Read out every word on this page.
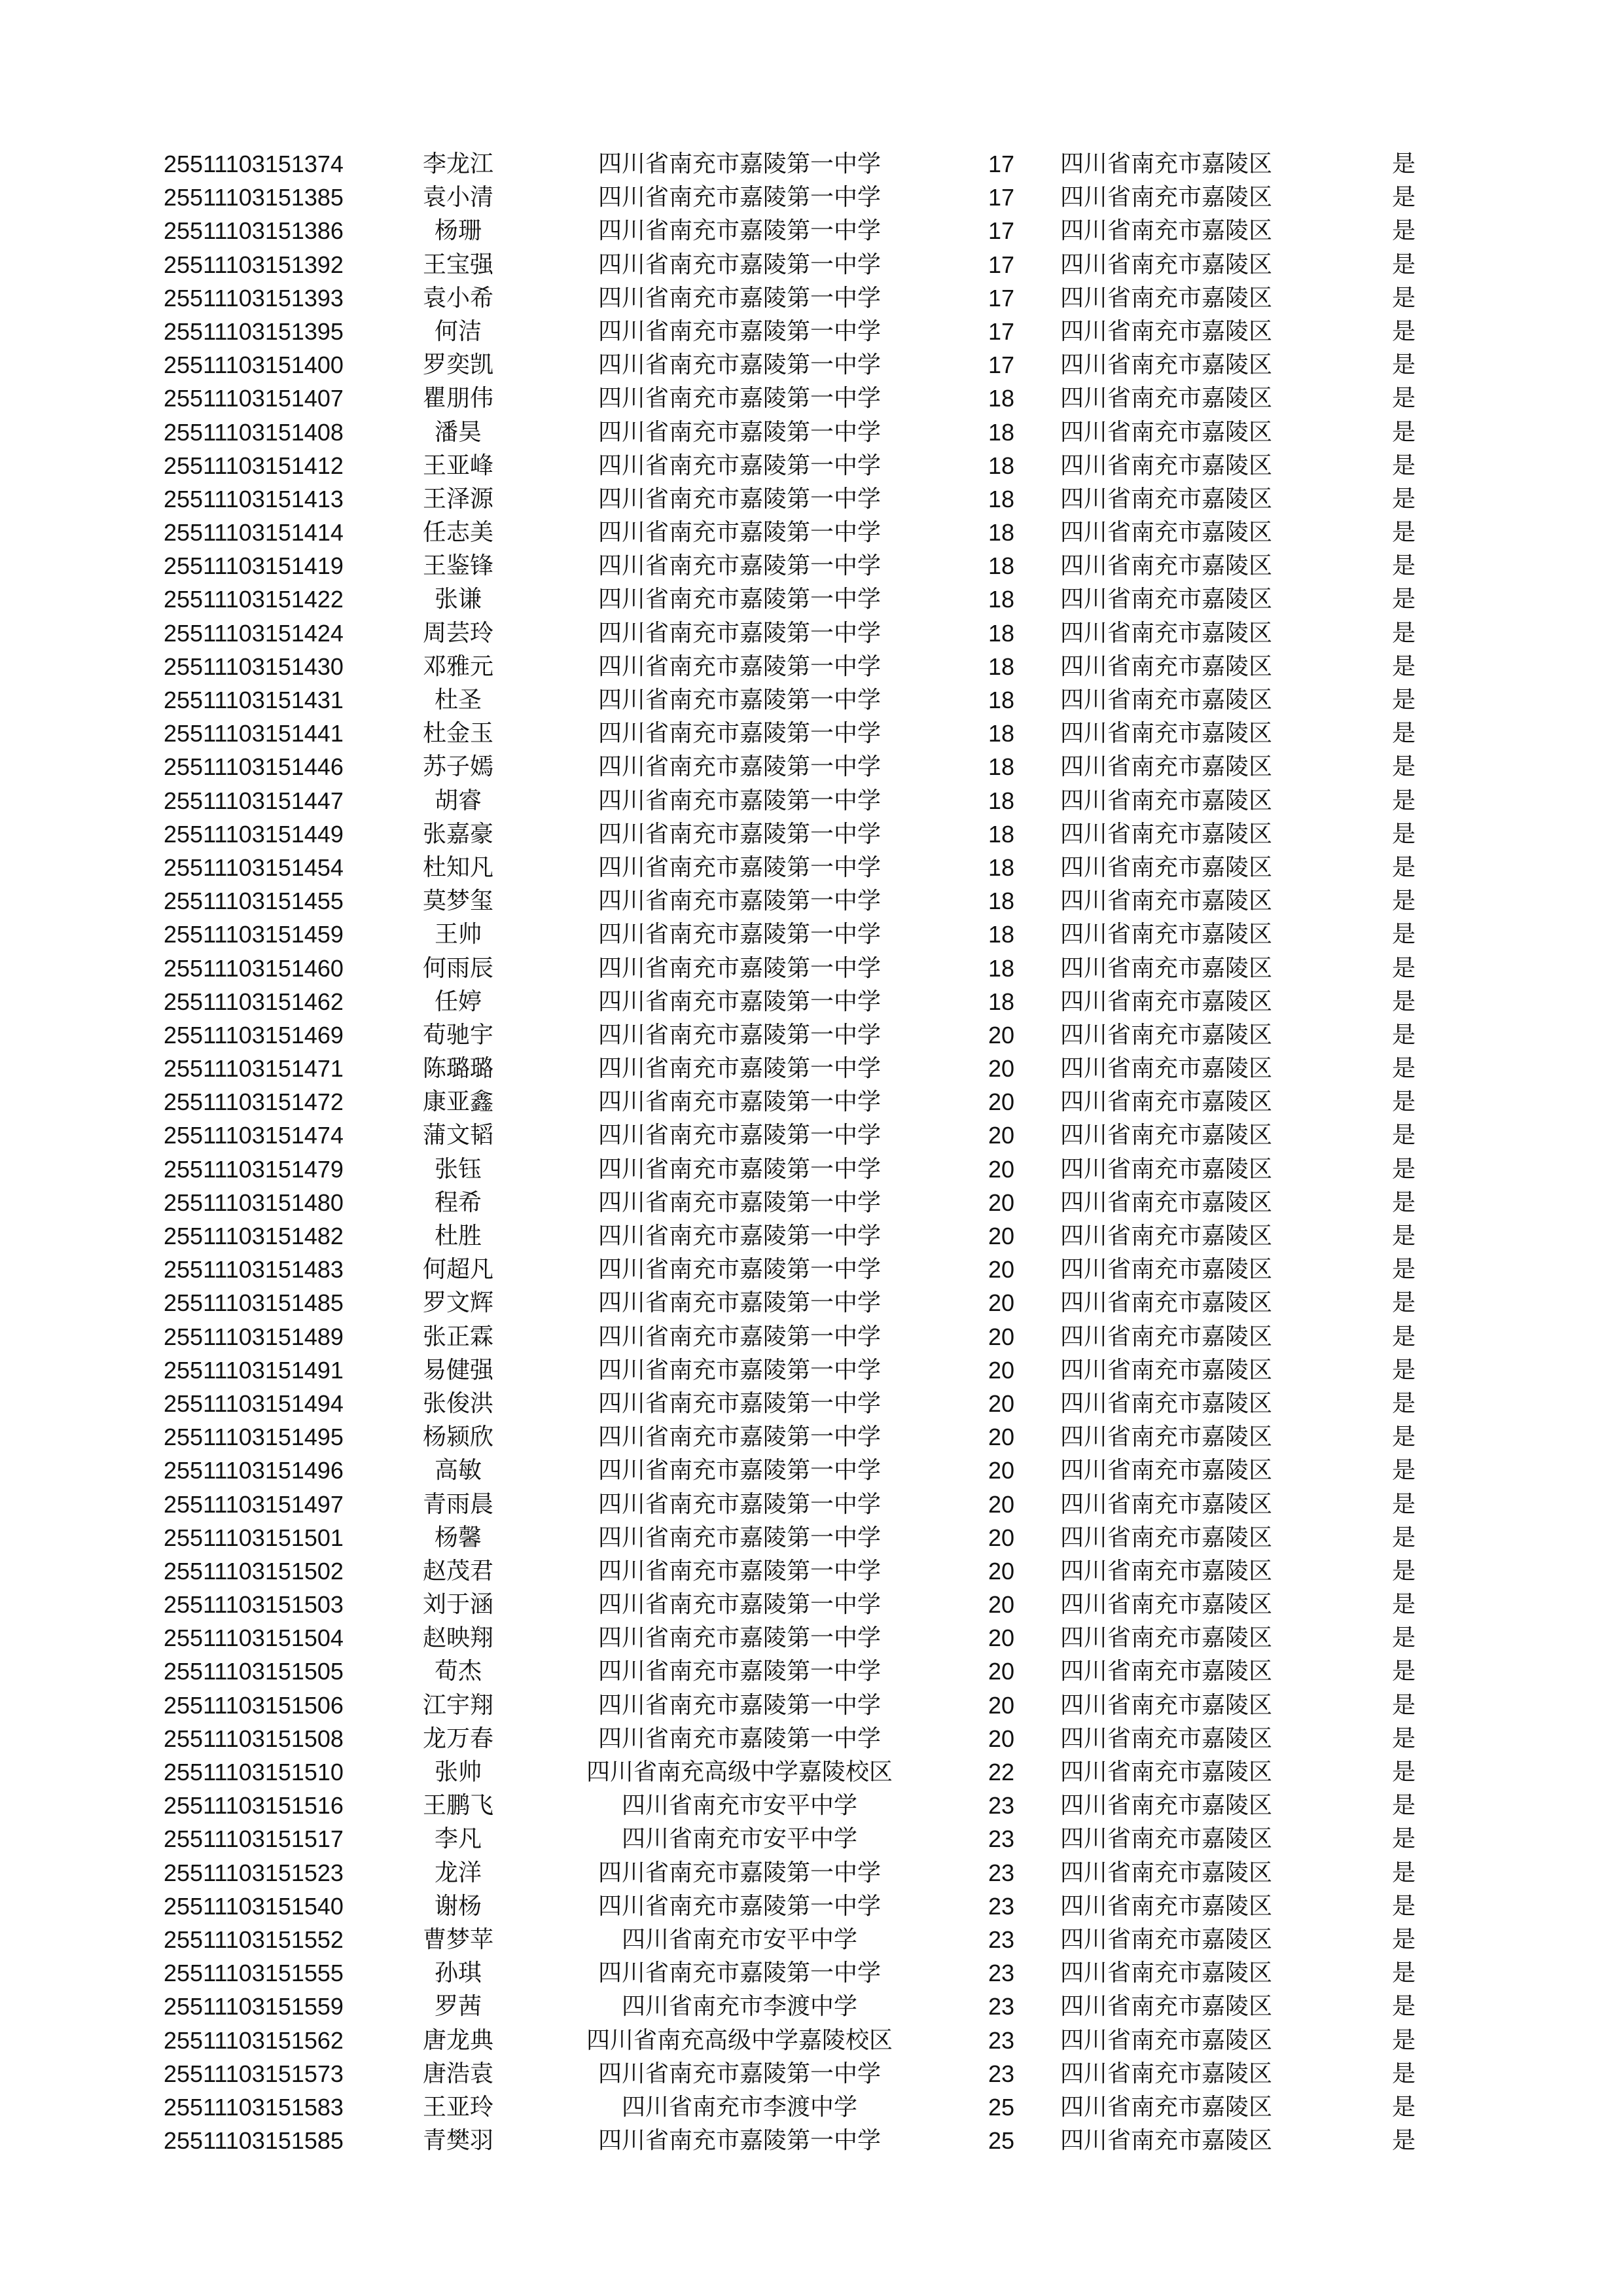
25511103151374	李龙江	四川省南充市嘉陵第一中学	17	四川省南充市嘉陵区	是
25511103151385	袁小清	四川省南充市嘉陵第一中学	17	四川省南充市嘉陵区	是
25511103151386	杨珊	四川省南充市嘉陵第一中学	17	四川省南充市嘉陵区	是
25511103151392	王宝强	四川省南充市嘉陵第一中学	17	四川省南充市嘉陵区	是
25511103151393	袁小希	四川省南充市嘉陵第一中学	17	四川省南充市嘉陵区	是
25511103151395	何洁	四川省南充市嘉陵第一中学	17	四川省南充市嘉陵区	是
25511103151400	罗奕凯	四川省南充市嘉陵第一中学	17	四川省南充市嘉陵区	是
25511103151407	瞿朋伟	四川省南充市嘉陵第一中学	18	四川省南充市嘉陵区	是
25511103151408	潘昊	四川省南充市嘉陵第一中学	18	四川省南充市嘉陵区	是
25511103151412	王亚峰	四川省南充市嘉陵第一中学	18	四川省南充市嘉陵区	是
25511103151413	王泽源	四川省南充市嘉陵第一中学	18	四川省南充市嘉陵区	是
25511103151414	任志美	四川省南充市嘉陵第一中学	18	四川省南充市嘉陵区	是
25511103151419	王鉴锋	四川省南充市嘉陵第一中学	18	四川省南充市嘉陵区	是
25511103151422	张谦	四川省南充市嘉陵第一中学	18	四川省南充市嘉陵区	是
25511103151424	周芸玲	四川省南充市嘉陵第一中学	18	四川省南充市嘉陵区	是
25511103151430	邓雅元	四川省南充市嘉陵第一中学	18	四川省南充市嘉陵区	是
25511103151431	杜圣	四川省南充市嘉陵第一中学	18	四川省南充市嘉陵区	是
25511103151441	杜金玉	四川省南充市嘉陵第一中学	18	四川省南充市嘉陵区	是
25511103151446	苏子嫣	四川省南充市嘉陵第一中学	18	四川省南充市嘉陵区	是
25511103151447	胡睿	四川省南充市嘉陵第一中学	18	四川省南充市嘉陵区	是
25511103151449	张嘉豪	四川省南充市嘉陵第一中学	18	四川省南充市嘉陵区	是
25511103151454	杜知凡	四川省南充市嘉陵第一中学	18	四川省南充市嘉陵区	是
25511103151455	莫梦玺	四川省南充市嘉陵第一中学	18	四川省南充市嘉陵区	是
25511103151459	王帅	四川省南充市嘉陵第一中学	18	四川省南充市嘉陵区	是
25511103151460	何雨辰	四川省南充市嘉陵第一中学	18	四川省南充市嘉陵区	是
25511103151462	任婷	四川省南充市嘉陵第一中学	18	四川省南充市嘉陵区	是
25511103151469	荀驰宇	四川省南充市嘉陵第一中学	20	四川省南充市嘉陵区	是
25511103151471	陈璐璐	四川省南充市嘉陵第一中学	20	四川省南充市嘉陵区	是
25511103151472	康亚鑫	四川省南充市嘉陵第一中学	20	四川省南充市嘉陵区	是
25511103151474	蒲文韬	四川省南充市嘉陵第一中学	20	四川省南充市嘉陵区	是
25511103151479	张钰	四川省南充市嘉陵第一中学	20	四川省南充市嘉陵区	是
25511103151480	程希	四川省南充市嘉陵第一中学	20	四川省南充市嘉陵区	是
25511103151482	杜胜	四川省南充市嘉陵第一中学	20	四川省南充市嘉陵区	是
25511103151483	何超凡	四川省南充市嘉陵第一中学	20	四川省南充市嘉陵区	是
25511103151485	罗文辉	四川省南充市嘉陵第一中学	20	四川省南充市嘉陵区	是
25511103151489	张正霖	四川省南充市嘉陵第一中学	20	四川省南充市嘉陵区	是
25511103151491	易健强	四川省南充市嘉陵第一中学	20	四川省南充市嘉陵区	是
25511103151494	张俊洪	四川省南充市嘉陵第一中学	20	四川省南充市嘉陵区	是
25511103151495	杨颍欣	四川省南充市嘉陵第一中学	20	四川省南充市嘉陵区	是
25511103151496	高敏	四川省南充市嘉陵第一中学	20	四川省南充市嘉陵区	是
25511103151497	青雨晨	四川省南充市嘉陵第一中学	20	四川省南充市嘉陵区	是
25511103151501	杨馨	四川省南充市嘉陵第一中学	20	四川省南充市嘉陵区	是
25511103151502	赵茂君	四川省南充市嘉陵第一中学	20	四川省南充市嘉陵区	是
25511103151503	刘于涵	四川省南充市嘉陵第一中学	20	四川省南充市嘉陵区	是
25511103151504	赵映翔	四川省南充市嘉陵第一中学	20	四川省南充市嘉陵区	是
25511103151505	荀杰	四川省南充市嘉陵第一中学	20	四川省南充市嘉陵区	是
25511103151506	江宇翔	四川省南充市嘉陵第一中学	20	四川省南充市嘉陵区	是
25511103151508	龙万春	四川省南充市嘉陵第一中学	20	四川省南充市嘉陵区	是
25511103151510	张帅	四川省南充高级中学嘉陵校区	22	四川省南充市嘉陵区	是
25511103151516	王鹏飞	四川省南充市安平中学	23	四川省南充市嘉陵区	是
25511103151517	李凡	四川省南充市安平中学	23	四川省南充市嘉陵区	是
25511103151523	龙洋	四川省南充市嘉陵第一中学	23	四川省南充市嘉陵区	是
25511103151540	谢杨	四川省南充市嘉陵第一中学	23	四川省南充市嘉陵区	是
25511103151552	曹梦苹	四川省南充市安平中学	23	四川省南充市嘉陵区	是
25511103151555	孙琪	四川省南充市嘉陵第一中学	23	四川省南充市嘉陵区	是
25511103151559	罗茜	四川省南充市李渡中学	23	四川省南充市嘉陵区	是
25511103151562	唐龙典	四川省南充高级中学嘉陵校区	23	四川省南充市嘉陵区	是
25511103151573	唐浩袁	四川省南充市嘉陵第一中学	23	四川省南充市嘉陵区	是
25511103151583	王亚玲	四川省南充市李渡中学	25	四川省南充市嘉陵区	是
25511103151585	青樊羽	四川省南充市嘉陵第一中学	25	四川省南充市嘉陵区	是
